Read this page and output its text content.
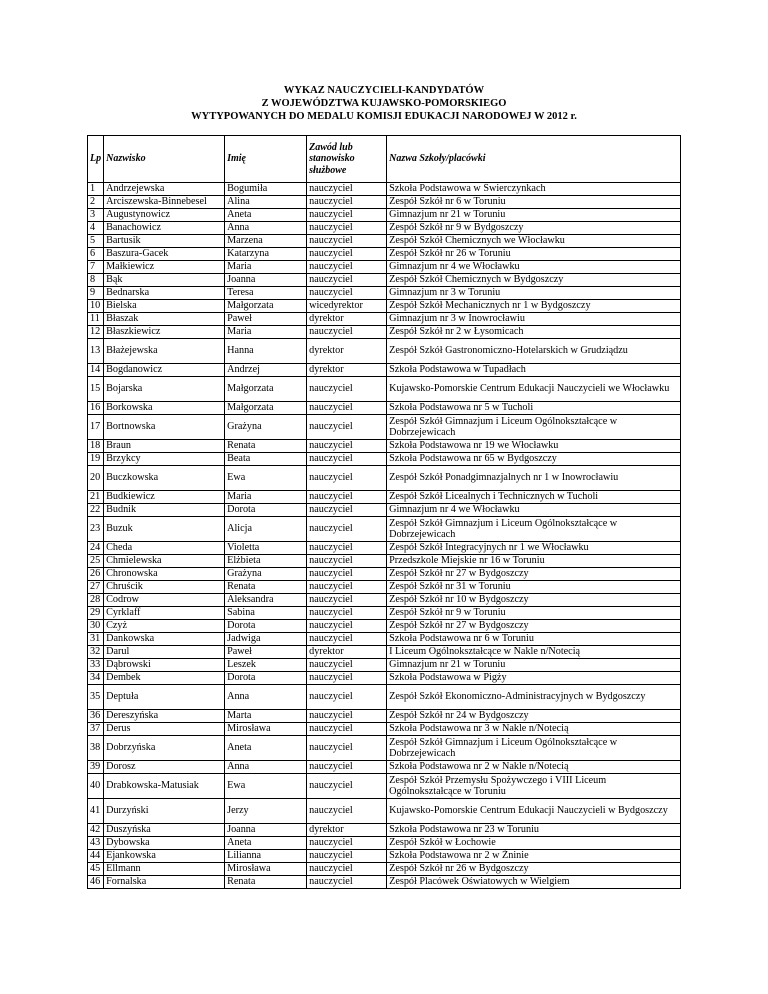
WYKAZ NAUCZYCIELI-KANDYDATÓW
Z WOJEWÓDZTWA KUJAWSKO-POMORSKIEGO
WYTYPOWANYCH DO MEDALU KOMISJI EDUKACJI NARODOWEJ W 2012 r.
Lp	Nazwisko	Imię	Zawód lub stanowisko służbowe	Nazwa Szkoły/placówki
1	Andrzejewska	Bogumiła	nauczyciel	Szkoła Podstawowa w Świerczynkach
2	Arciszewska-Binnebesel	Alina	nauczyciel	Zespół Szkół nr 6 w Toruniu
3	Augustynowicz	Aneta	nauczyciel	Gimnazjum nr 21 w Toruniu
4	Banachowicz	Anna	nauczyciel	Zespół Szkół nr 9 w Bydgoszczy
5	Bartusik	Marzena	nauczyciel	Zespół Szkół Chemicznych we Włocławku
6	Baszura-Gacek	Katarzyna	nauczyciel	Zespół Szkół nr 26 w Toruniu
7	Małkiewicz	Maria	nauczyciel	Gimnazjum nr 4 we Włocławku
8	Bąk	Joanna	nauczyciel	Zespół Szkół Chemicznych w Bydgoszczy
9	Bednarska	Teresa	nauczyciel	Gimnazjum nr 3 w Toruniu
10	Bielska	Małgorzata	wicedyrektor	Zespół Szkół Mechanicznych nr 1 w Bydgoszczy
11	Błaszak	Paweł	dyrektor	Gimnazjum nr 3 w Inowrocławiu
12	Błaszkiewicz	Maria	nauczyciel	Zespół Szkół nr 2 w Łysomicach
13	Błażejewska	Hanna	dyrektor	Zespół Szkół Gastronomiczno-Hotelarskich w Grudziądzu
14	Bogdanowicz	Andrzej	dyrektor	Szkoła Podstawowa w Tupadłach
15	Bojarska	Małgorzata	nauczyciel	Kujawsko-Pomorskie Centrum Edukacji Nauczycieli we Włocławku
16	Borkowska	Małgorzata	nauczyciel	Szkoła Podstawowa nr 5 w Tucholi
17	Bortnowska	Grażyna	nauczyciel	Zespół Szkół Gimnazjum i Liceum Ogólnokształcące w Dobrzejewicach
18	Braun	Renata	nauczyciel	Szkoła Podstawowa nr 19 we Włocławku
19	Brzykcy	Beata	nauczyciel	Szkoła Podstawowa nr 65 w Bydgoszczy
20	Buczkowska	Ewa	nauczyciel	Zespół Szkół Ponadgimnazjalnych nr 1 w Inowrocławiu
21	Budkiewicz	Maria	nauczyciel	Zespół Szkół Licealnych i Technicznych w Tucholi
22	Budnik	Dorota	nauczyciel	Gimnazjum nr 4 we Włocławku
23	Buzuk	Alicja	nauczyciel	Zespół Szkół Gimnazjum i Liceum Ogólnokształcące w Dobrzejewicach
24	Cheda	Violetta	nauczyciel	Zespół Szkół Integracyjnych nr 1 we Włocławku
25	Chmielewska	Elżbieta	nauczyciel	Przedszkole Miejskie nr 16 w Toruniu
26	Chronowska	Grażyna	nauczyciel	Zespół Szkół nr 27 w Bydgoszczy
27	Chruścik	Renata	nauczyciel	Zespół Szkół nr 31 w Toruniu
28	Codrow	Aleksandra	nauczyciel	Zespół Szkół nr 10 w Bydgoszczy
29	Cyrklaff	Sabina	nauczyciel	Zespół Szkół nr 9 w Toruniu
30	Czyż	Dorota	nauczyciel	Zespół Szkół nr 27 w Bydgoszczy
31	Dankowska	Jadwiga	nauczyciel	Szkoła Podstawowa nr 6 w Toruniu
32	Darul	Paweł	dyrektor	I Liceum Ogólnokształcące w Nakle n/Notecią
33	Dąbrowski	Leszek	nauczyciel	Gimnazjum nr 21 w Toruniu
34	Dembek	Dorota	nauczyciel	Szkoła Podstawowa w Pigży
35	Deptuła	Anna	nauczyciel	Zespół Szkół Ekonomiczno-Administracyjnych w Bydgoszczy
36	Dereszyńska	Marta	nauczyciel	Zespół Szkół nr 24 w Bydgoszczy
37	Derus	Mirosława	nauczyciel	Szkoła Podstawowa nr 3 w Nakle n/Notecią
38	Dobrzyńska	Aneta	nauczyciel	Zespół Szkół Gimnazjum i Liceum Ogólnokształcące w Dobrzejewicach
39	Dorosz	Anna	nauczyciel	Szkoła Podstawowa nr 2 w Nakle n/Notecią
40	Drabkowska-Matusiak	Ewa	nauczyciel	Zespół Szkół Przemysłu Spożywczego i VIII Liceum Ogólnokształcące w Toruniu
41	Durzyński	Jerzy	nauczyciel	Kujawsko-Pomorskie Centrum Edukacji Nauczycieli w Bydgoszczy
42	Duszyńska	Joanna	dyrektor	Szkoła Podstawowa nr 23 w Toruniu
43	Dybowska	Aneta	nauczyciel	Zespół Szkół w Łochowie
44	Ejankowska	Lilianna	nauczyciel	Szkoła Podstawowa nr 2 w Żninie
45	Ellmann	Mirosława	nauczyciel	Zespół Szkół nr 26 w Bydgoszczy
46	Fornalska	Renata	nauczyciel	Zespół Placówek Oświatowych w Wielgiem
